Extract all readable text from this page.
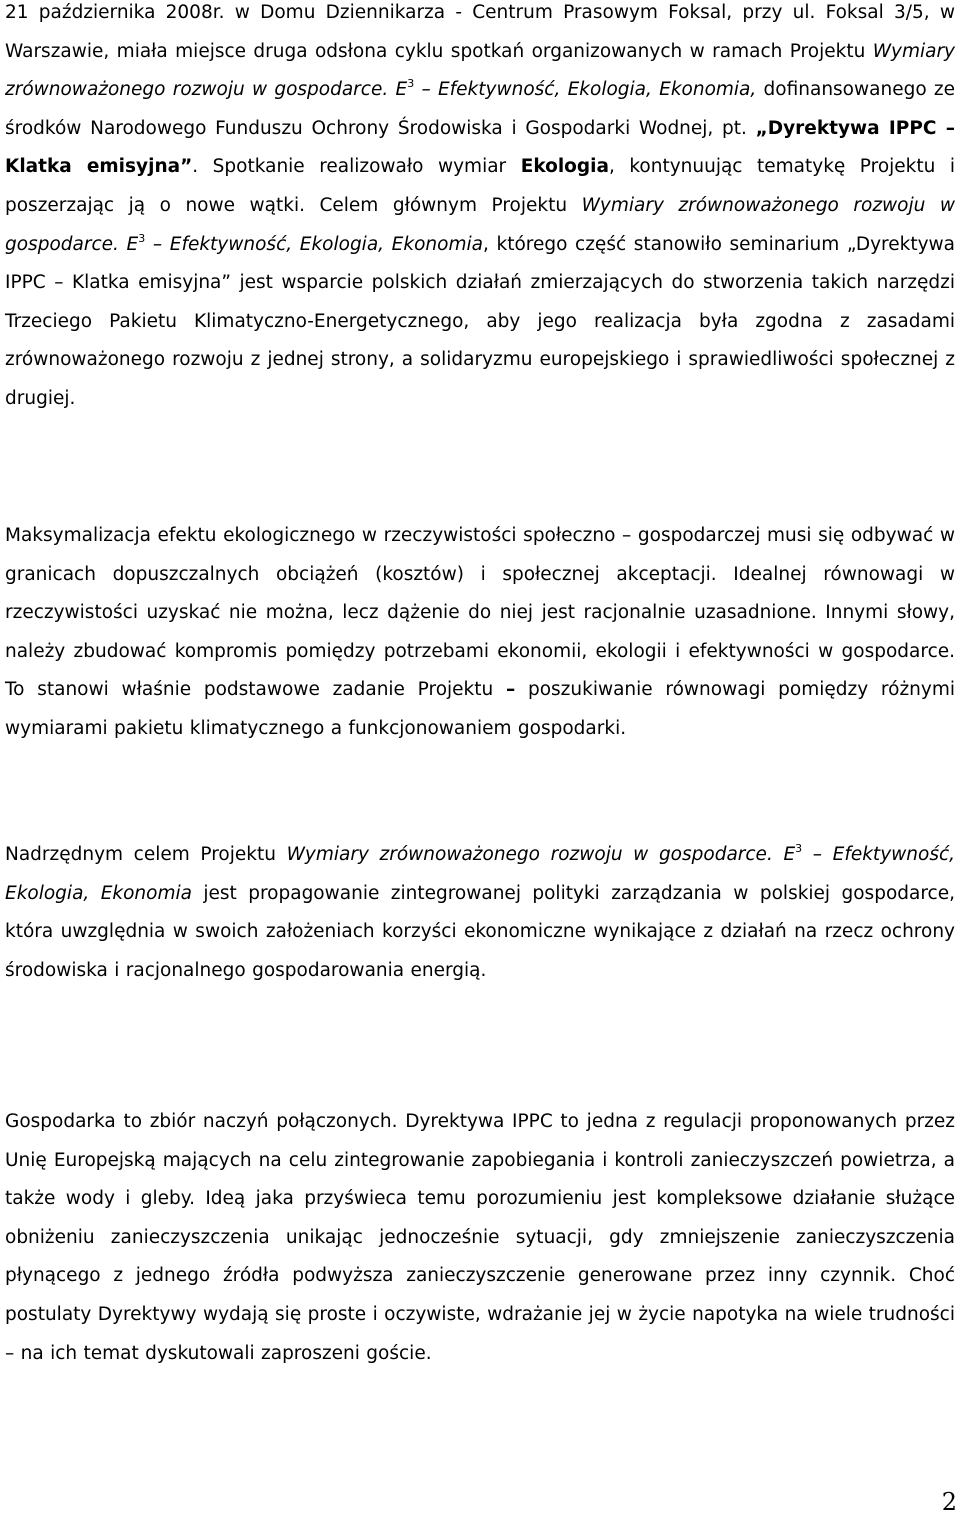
21 października 2008r. w Domu Dziennikarza - Centrum Prasowym Foksal, przy ul. Foksal 3/5, w Warszawie, miała miejsce druga odsłona cyklu spotkań organizowanych w ramach Projektu Wymiary zrównoważonego rozwoju w gospodarce. $E^3$ – Efektywność, Ekologia, Ekonomia, dofinansowanego ze środków Narodowego Funduszu Ochrony Środowiska i Gospodarki Wodnej, pt. „Dyrektywa IPPC – Klatka emisyjna”. Spotkanie realizowało wymiar Ekologia, kontynuując tematykę Projektu i poszerzając ją o nowe wątki. Celem głównym Projektu Wymiary zrównoważonego rozwoju w gospodarce. $E^3$ – Efektywność, Ekologia, Ekonomia, którego część stanowiło seminarium „Dyrektywa IPPC – Klatka emisyjna” jest wsparcie polskich działań zmierzających do stworzenia takich narzędzi Trzeciego Pakietu Klimatyczno-Energetycznego, aby jego realizacja była zgodna z zasadami zrównoważonego rozwoju z jednej strony, a solidaryzmu europejskiego i sprawiedliwości społecznej z drugiej.

Maksymalizacja efektu ekologicznego w rzeczywistości społeczno – gospodarczej musi się odbywać w granicach dopuszczalnych obciążeń (kosztów) i społecznej akceptacji. Idealnej równowagi w rzeczywistości uzyskać nie można, lecz dążenie do niej jest racjonalnie uzasadnione. Innymi słowy, należy zbudować kompromis pomiędzy potrzebami ekonomii, ekologii i efektywności w gospodarce. To stanowi właśnie podstawowe zadanie Projektu – poszukiwanie równowagi pomiędzy różnymi wymiarami pakietu klimatycznego a funkcjonowaniem gospodarki.

Nadrzędnym celem Projektu Wymiary zrównoważonego rozwoju w gospodarce. $E^3$ – Efektywność, Ekologia, Ekonomia jest propagowanie zintegrowanej polityki zarządzania w polskiej gospodarce, która uwzględnia w swoich założeniach korzyści ekonomiczne wynikające z działań na rzecz ochrony środowiska i racjonalnego gospodarowania energią.

Gospodarka to zbiór naczyń połączonych. Dyrektywa IPPC to jedna z regulacji proponowanych przez Unię Europejską mających na celu zintegrowanie zapobiegania i kontroli zanieczyszczeń powietrza, a także wody i gleby. Ideą jaka przyświeca temu porozumieniu jest kompleksowe działanie służące obniżeniu zanieczyszczenia unikając jednocześnie sytuacji, gdy zmniejszenie zanieczyszczenia płynącego z jednego źródła podwyższa zanieczyszczenie generowane przez inny czynnik. Choć postulaty Dyrektywy wydają się proste i oczywiste, wdrażanie jej w życie napotyka na wiele trudności – na ich temat dyskutowali zaproszeni goście.

2
